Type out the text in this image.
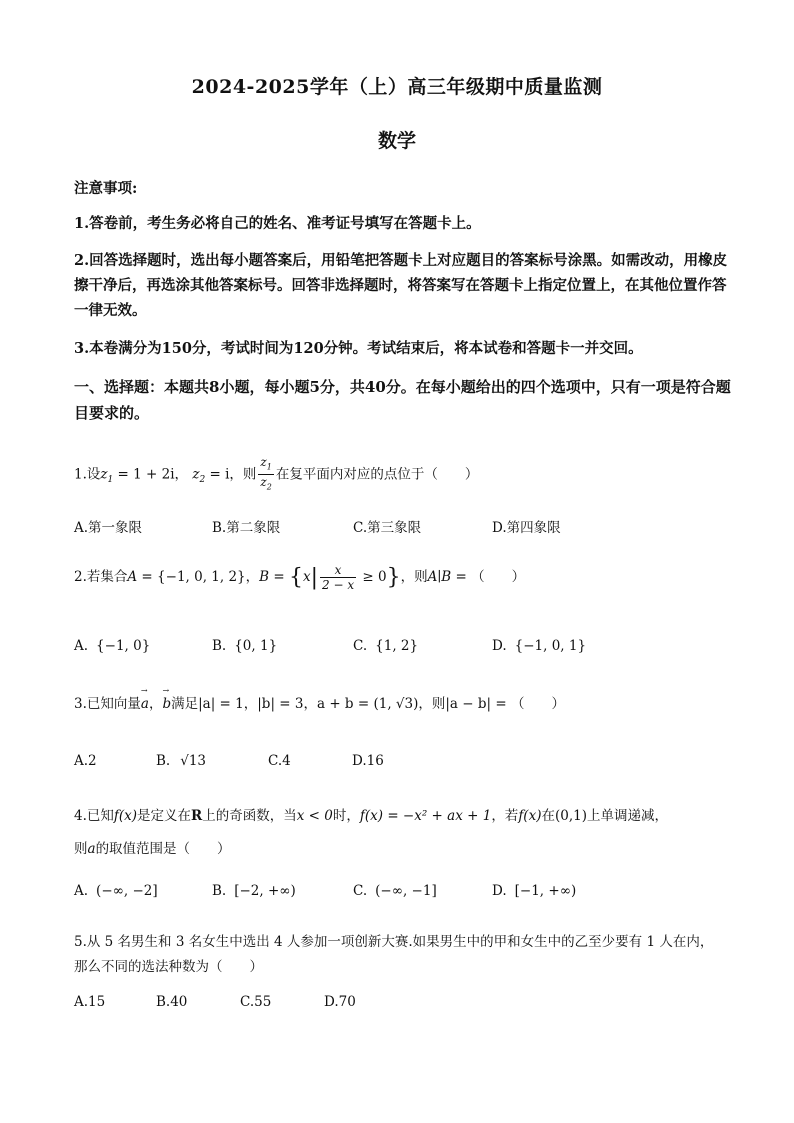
2024-2025学年（上）高三年级期中质量监测
数学
注意事项:
1.答卷前，考生务必将自己的姓名、准考证号填写在答题卡上。
2.回答选择题时，选出每小题答案后，用铅笔把答题卡上对应题目的答案标号涂黑。如需改动，用橡皮擦干净后，再选涂其他答案标号。回答非选择题时，将答案写在答题卡上指定位置上，在其他位置作答一律无效。
3.本卷满分为150分，考试时间为120分钟。考试结束后，将本试卷和答题卡一并交回。
一、选择题：本题共8小题，每小题5分，共40分。在每小题给出的四个选项中，只有一项是符合题目要求的。
1.设$z_1 = 1 + 2i$， $z_2 = i$，则 $\frac{z_1}{z_2}$ 在复平面内对应的点位于（　　）
A.第一象限	B.第二象限	C.第三象限	D.第四象限
2.若集合A = {−1, 0, 1, 2}，$B = \{x| \frac{x}{2 - x} \ge 0\}$，则A∣B = （　　）
A. {−1, 0}	B. {0, 1}	C. {1, 2}	D. {−1, 0, 1}
3.已知向量→ a，→ b满足|a| = 1，|b| = 3，a + b = (1, √3)，则|a − b| = （　　）
A.2	B. √13	C.4	D.16
4.已知f(x)是定义在R上的奇函数，当x < 0时，f(x) = −x² + ax + 1，若f(x)在(0,1)上单调递减，
则a的取值范围是（　　）
A. (−∞, −2]	B. [−2, +∞)	C. (−∞, −1]	D. [−1, +∞)
5.从 5 名男生和 3 名女生中选出 4 人参加一项创新大赛.如果男生中的甲和女生中的乙至少要有 1 人在内，
那么不同的选法种数为（　　）
A.15	B.40	C.55	D.70
